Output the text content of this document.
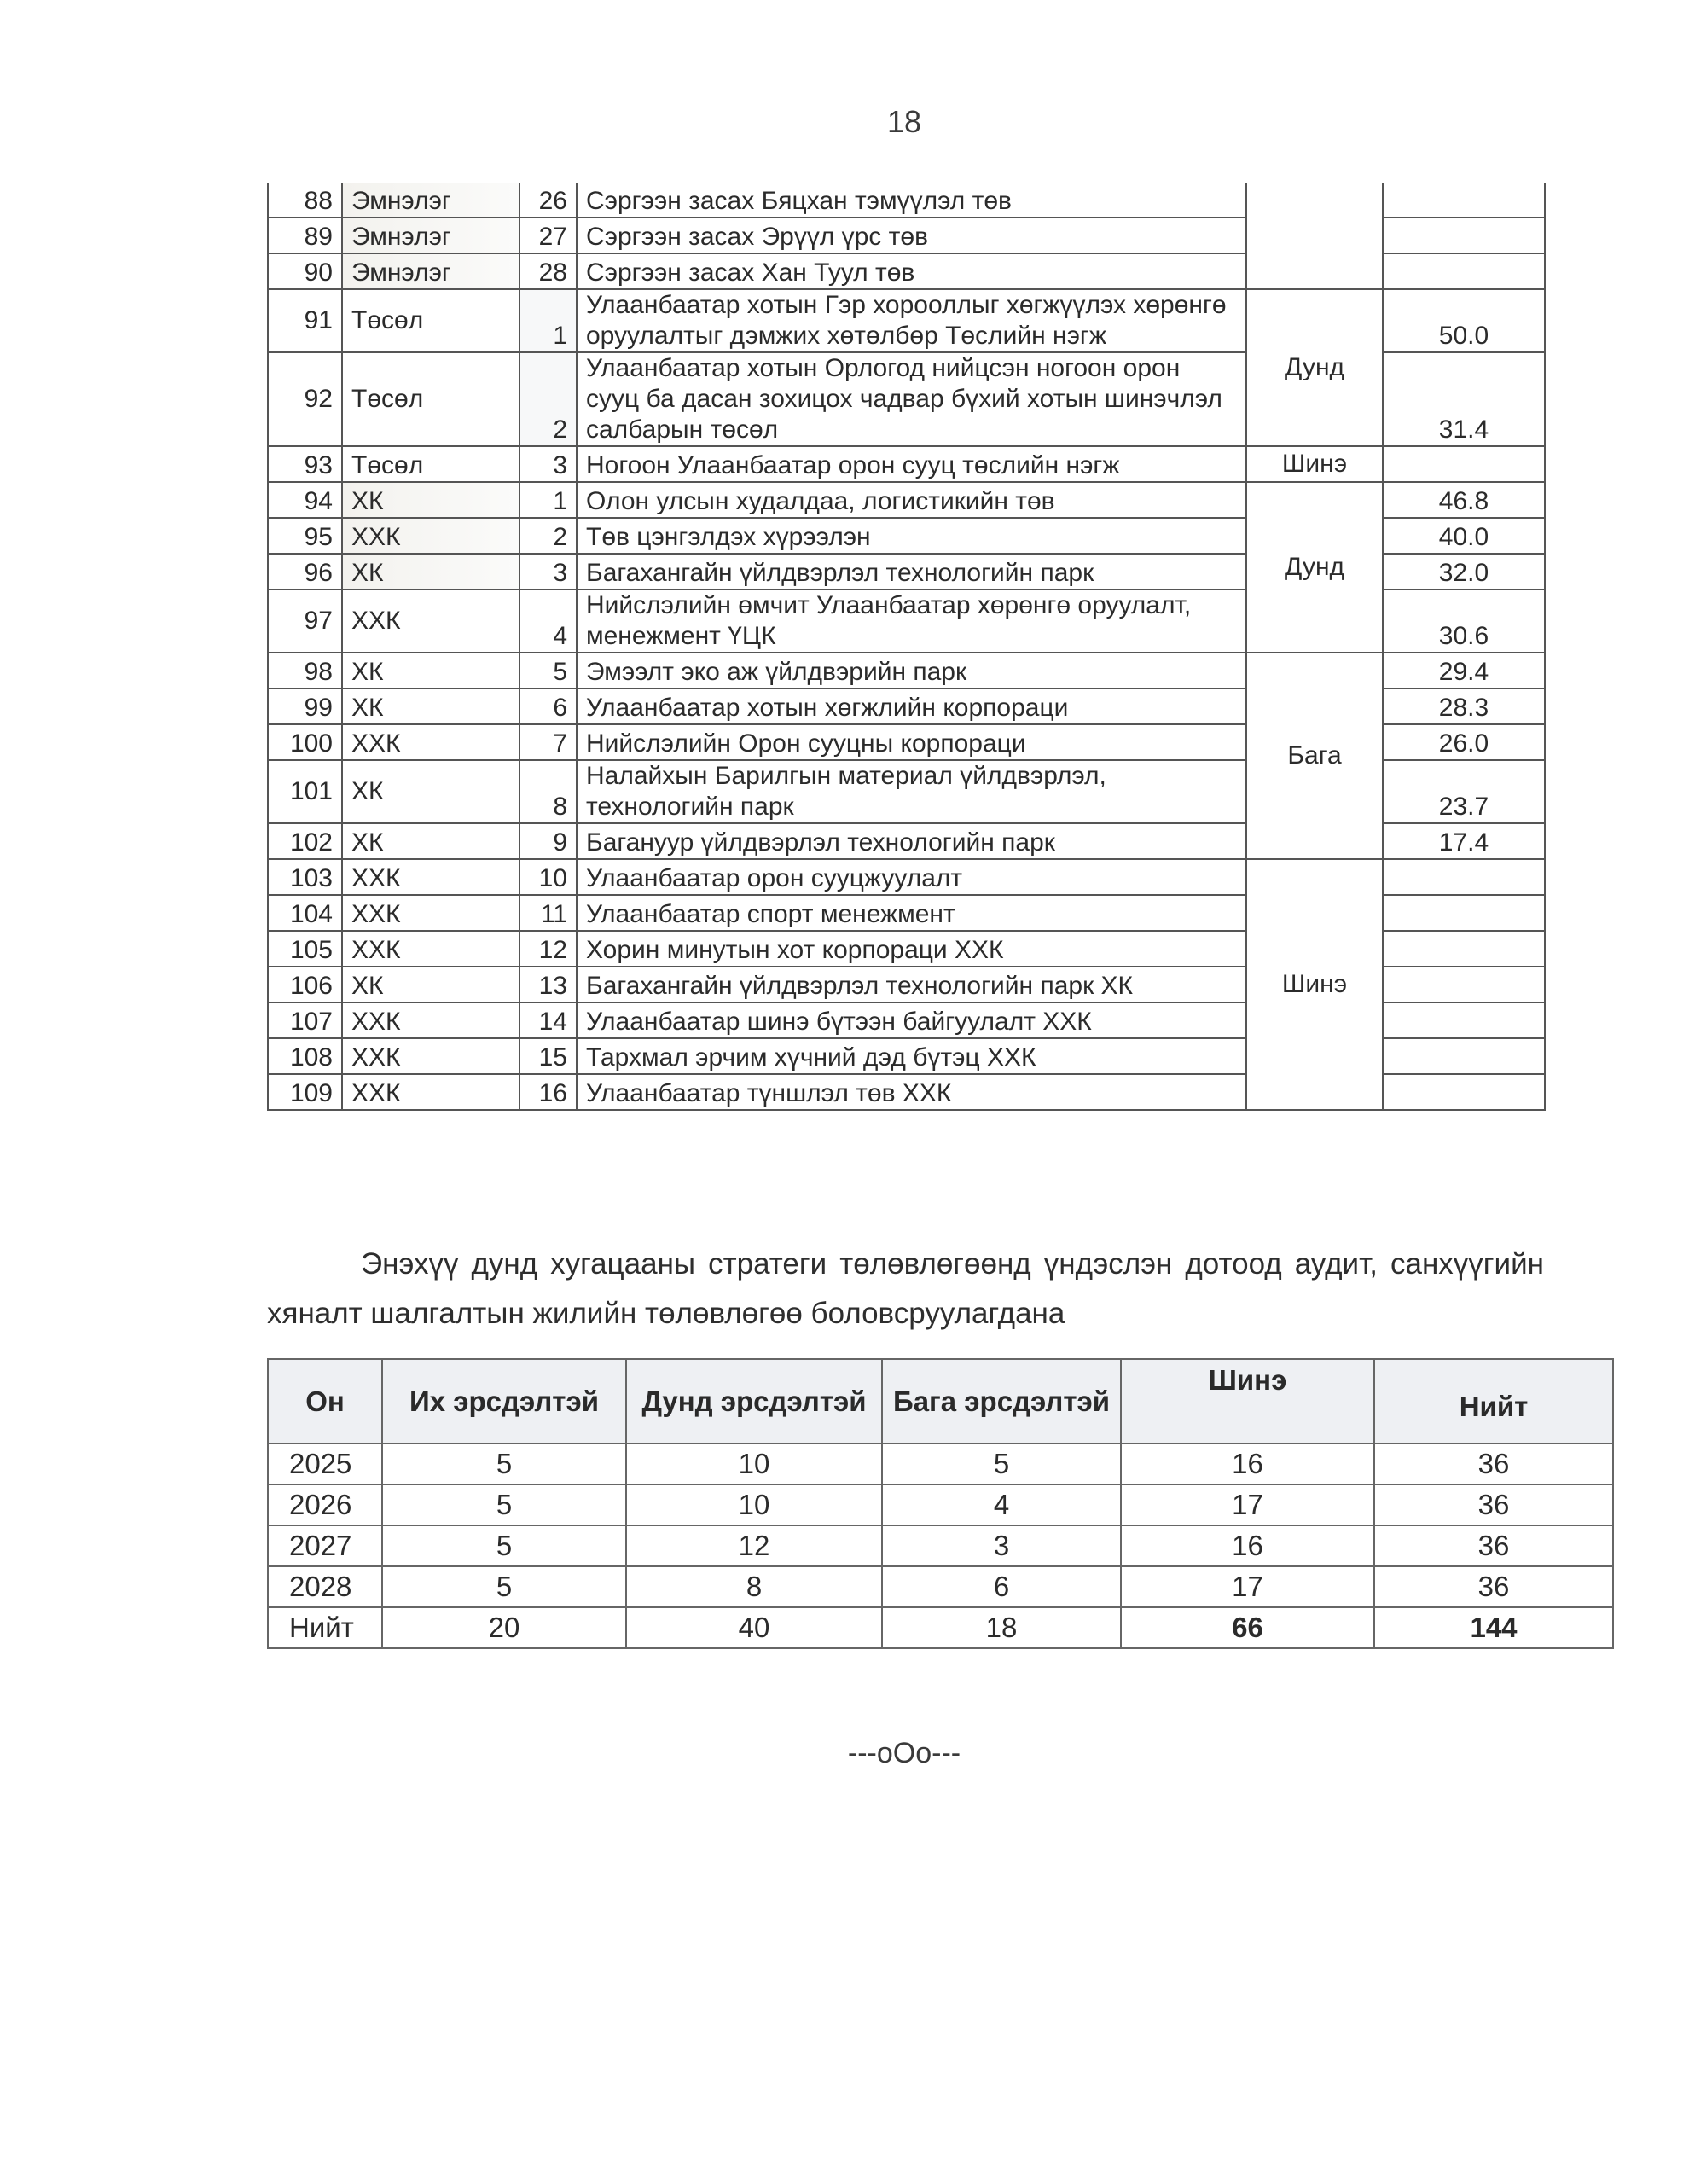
18
88	Эмнэлэг	26	Сэргээн засах Бяцхан тэмүүлэл төв		
89	Эмнэлэг	27	Сэргээн засах Эрүүл үрс төв		
90	Эмнэлэг	28	Сэргээн засах Хан Туул төв		
91	Төсөл	1	Улаанбаатар хотын Гэр хорооллыг хөгжүүлэх хөрөнгө оруулалтыг дэмжих хөтөлбөр Төслийн нэгж	Дунд	50.0
92	Төсөл	2	Улаанбаатар хотын Орлогод нийцсэн ногоон орон сууц ба дасан зохицох чадвар бүхий хотын шинэчлэл салбарын төсөл		31.4
93	Төсөл	3	Ногоон Улаанбаатар орон сууц төслийн нэгж	Шинэ	
94	ХК	1	Олон улсын худалдаа, логистикийн төв	Дунд	46.8
95	ХХК	2	Төв цэнгэлдэх хүрээлэн		40.0
96	ХК	3	Багахангайн үйлдвэрлэл технологийн парк		32.0
97	ХХК	4	Нийслэлийн өмчит Улаанбаатар хөрөнгө оруулалт, менежмент ҮЦК		30.6
98	ХК	5	Эмээлт эко аж үйлдвэрийн парк	Бага	29.4
99	ХК	6	Улаанбаатар хотын хөгжлийн корпораци		28.3
100	ХХК	7	Нийслэлийн Орон сууцны корпораци		26.0
101	ХК	8	Налайхын Барилгын материал үйлдвэрлэл, технологийн парк		23.7
102	ХК	9	Багануур үйлдвэрлэл технологийн парк		17.4
103	ХХК	10	Улаанбаатар орон сууцжуулалт	Шинэ	
104	ХХК	11	Улаанбаатар спорт менежмент		
105	ХХК	12	Хорин минутын хот корпораци ХХК		
106	ХК	13	Багахангайн үйлдвэрлэл технологийн парк ХК		
107	ХХК	14	Улаанбаатар шинэ бүтээн байгуулалт ХХК		
108	ХХК	15	Тархмал эрчим хүчний дэд бүтэц ХХК		
109	ХХК	16	Улаанбаатар түншлэл төв ХХК		

Энэхүү дунд хугацааны стратеги төлөвлөгөөнд үндэслэн дотоод аудит, санхүүгийн хяналт шалгалтын жилийн төлөвлөгөө боловсруулагдана

Он	Их эрсдэлтэй	Дунд эрсдэлтэй	Бага эрсдэлтэй	Шинэ	Нийт
2025	5	10	5	16	36
2026	5	10	4	17	36
2027	5	12	3	16	36
2028	5	8	6	17	36
Нийт	20	40	18	66	144
---oOo---
